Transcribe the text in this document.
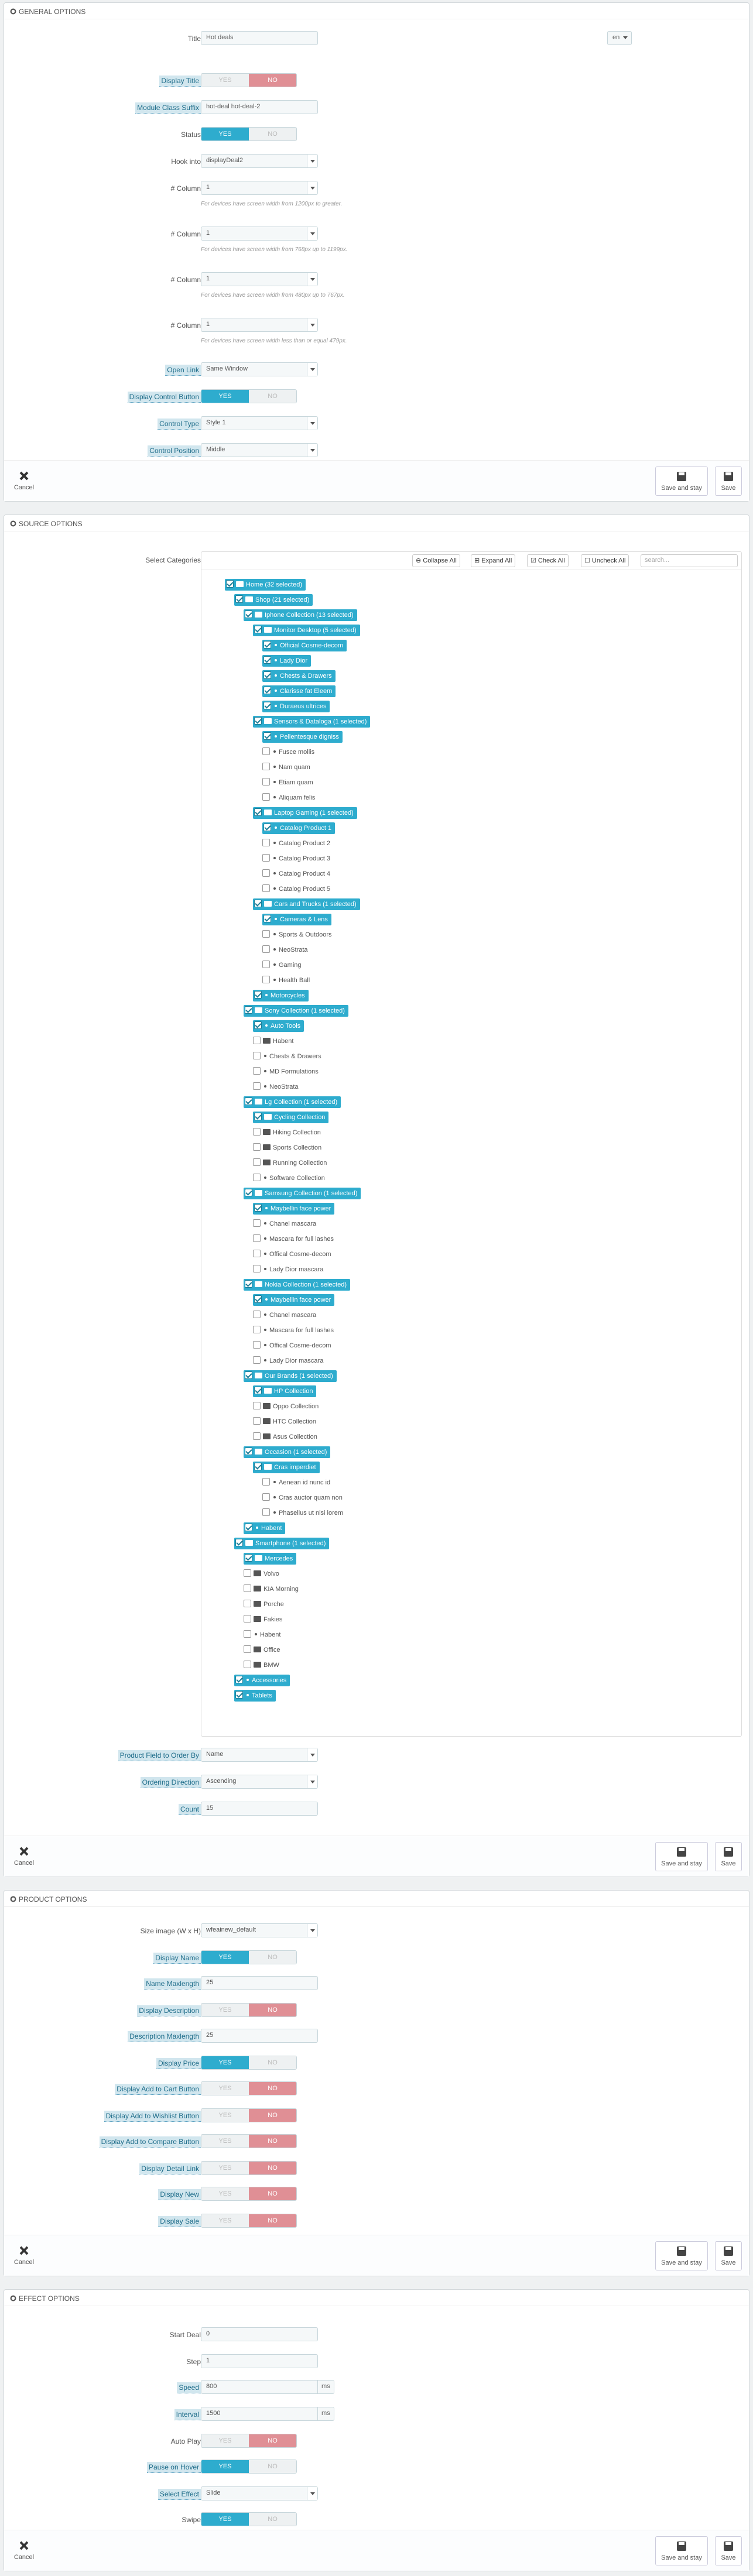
GENERAL OPTIONS
Title Hot deals	en
Display Title	YES	NO
Module Class Suffix	hot-deal hot-deal-2
Status	YES	NO
Hook into displayDeal2
# Column 1
For devices have screen width from 1200px to greater.
# Column 1
For devices have screen width from 768px up to 1199px.
# Column 1
For devices have screen width from 480px up to 767px.
# Column 1
For devices have screen width less than or equal 479px.
Open Link	Same Window
Display Control Button	YES	NO
Control Type	Style 1
Control Position	Middle
Cancel	Save and stay	Save
SOURCE OPTIONS
Select Categories	⊖ Collapse All	⊞ Expand All	☑ Check All	☐ Uncheck All	search...
Home (32 selected)
Shop (21 selected)
Iphone Collection (13 selected)
Monitor Desktop (5 selected)
Official Cosme-decom
Lady Dior
Chests & Drawers
Clarisse fat Eleem
Duraeus ultrices
Sensors & Dataloga (1 selected)
Pellentesque digniss
Fusce mollis
Nam quam
Etiam quam
Aliquam felis
Laptop Gaming (1 selected)
Catalog Product 1
Catalog Product 2
Catalog Product 3
Catalog Product 4
Catalog Product 5
Cars and Trucks (1 selected)
Cameras & Lens
Sports & Outdoors
NeoStrata
Gaming
Health Ball
Motorcycles
Sony Collection (1 selected)
Auto Tools
Habent
Chests & Drawers
MD Formulations
NeoStrata
Lg Collection (1 selected)
Cycling Collection
Hiking Collection
Sports Collection
Running Collection
Software Collection
Samsung Collection (1 selected)
Maybellin face power
Chanel mascara
Mascara for full lashes
Offical Cosme-decom
Lady Dior mascara
Nokia Collection (1 selected)
Maybellin face power
Chanel mascara
Mascara for full lashes
Offical Cosme-decom
Lady Dior mascara
Our Brands (1 selected)
HP Collection
Oppo Collection
HTC Collection
Asus Collection
Occasion (1 selected)
Cras imperdiet
Aenean id nunc id
Cras auctor quam non
Phasellus ut nisi lorem
Habent
Smartphone (1 selected)
Mercedes
Volvo
KIA Morning
Porche
Fakies
Habent
Office
BMW
Accessories
Tablets
Product Field to Order By	Name
Ordering Direction	Ascending
Count	15
Cancel	Save and stay	Save
PRODUCT OPTIONS
Size image (W x H) wfeainew_default
Display Name	YES	NO
Name Maxlength	25
Display Description	YES	NO
Description Maxlength	25
Display Price	YES	NO
Display Add to Cart Button	YES	NO
Display Add to Wishlist Button	YES	NO
Display Add to Compare Button	YES	NO
Display Detail Link	YES	NO
Display New	YES	NO
Display Sale	YES	NO
Cancel	Save and stay	Save
EFFECT OPTIONS
Start Deal 0
Step 1
Speed	800	ms
Interval	1500	ms
Auto Play	YES	NO
Pause on Hover	YES	NO
Select Effect	Slide
Swipe	YES	NO
Cancel	Save and stay	Save
